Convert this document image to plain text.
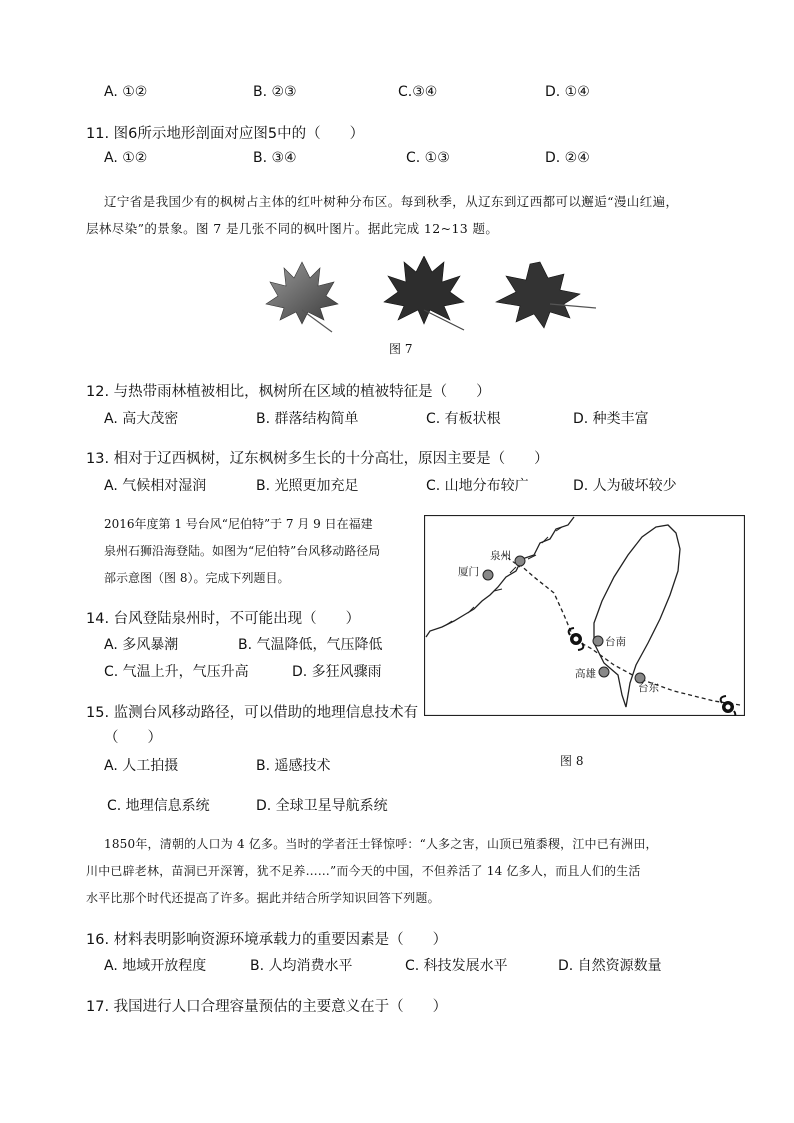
A. ①②	B. ②③	C.③④	D. ①④
11. 图6所示地形剖面对应图5中的（　　）
A. ①②	B. ③④	C. ①③	D. ②④
辽宁省是我国少有的枫树占主体的红叶树种分布区。每到秋季，从辽东到辽西都可以邂逅“漫山红遍，
层林尽染”的景象。图 7 是几张不同的枫叶图片。据此完成 12~13 题。
图 7
12. 与热带雨林植被相比，枫树所在区域的植被特征是（　　）
A. 高大茂密	B. 群落结构简单	C. 有板状根	D. 种类丰富
13. 相对于辽西枫树，辽东枫树多生长的十分高壮，原因主要是（　　）
A. 气候相对湿润	B. 光照更加充足	C. 山地分布较广	D. 人为破坏较少
2016年度第 1 号台风“尼伯特”于 7 月 9 日在福建
泉州石狮沿海登陆。如图为“尼伯特”台风移动路径局
部示意图（图 8）。完成下列题目。
泉州
厦门
台南
高雄
台东
图 8
14. 台风登陆泉州时，不可能出现（　　）
A. 多风暴潮	B. 气温降低，气压降低
C. 气温上升，气压升高	D. 多狂风骤雨
15. 监测台风移动路径，可以借助的地理信息技术有
（　　）
A. 人工拍摄	B. 遥感技术
C. 地理信息系统	D. 全球卫星导航系统
1850年，清朝的人口为 4 亿多。当时的学者汪士铎惊呼：“人多之害，山顶已殖黍稷，江中已有洲田，
川中已辟老林，苗洞已开深箐，犹不足养……”而今天的中国，不但养活了 14 亿多人，而且人们的生活
水平比那个时代还提高了许多。据此并结合所学知识回答下列题。
16. 材料表明影响资源环境承载力的重要因素是（　　）
A. 地域开放程度	B. 人均消费水平	C. 科技发展水平	D. 自然资源数量
17. 我国进行人口合理容量预估的主要意义在于（　　）
